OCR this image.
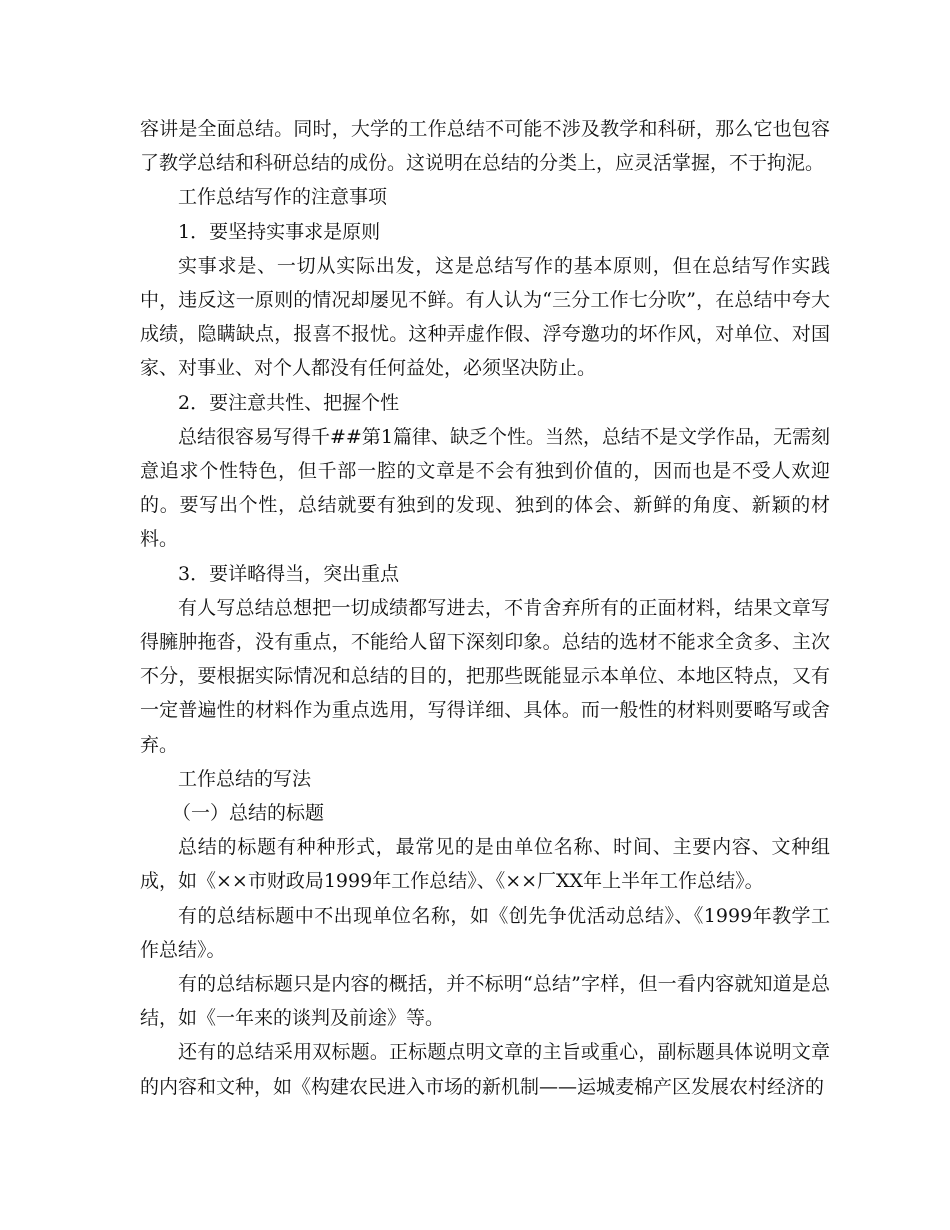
容讲是全面总结。同时，大学的工作总结不可能不涉及教学和科研，那么它也包容了教学总结和科研总结的成份。这说明在总结的分类上，应灵活掌握，不于拘泥。

工作总结写作的注意事项

1．要坚持实事求是原则

实事求是、一切从实际出发，这是总结写作的基本原则，但在总结写作实践中，违反这一原则的情况却屡见不鲜。有人认为“三分工作七分吹”，在总结中夸大成绩，隐瞒缺点，报喜不报忧。这种弄虚作假、浮夸邀功的坏作风，对单位、对国家、对事业、对个人都没有任何益处，必须坚决防止。

2．要注意共性、把握个性

总结很容易写得千##第1篇律、缺乏个性。当然，总结不是文学作品，无需刻意追求个性特色，但千部一腔的文章是不会有独到价值的，因而也是不受人欢迎的。要写出个性，总结就要有独到的发现、独到的体会、新鲜的角度、新颖的材料。

3．要详略得当，突出重点

有人写总结总想把一切成绩都写进去，不肯舍弃所有的正面材料，结果文章写得臃肿拖沓，没有重点，不能给人留下深刻印象。总结的选材不能求全贪多、主次不分，要根据实际情况和总结的目的，把那些既能显示本单位、本地区特点，又有一定普遍性的材料作为重点选用，写得详细、具体。而一般性的材料则要略写或舍弃。

工作总结的写法

（一）总结的标题

总结的标题有种种形式，最常见的是由单位名称、时间、主要内容、文种组成，如《××市财政局1999年工作总结》、《××厂XX年上半年工作总结》。

有的总结标题中不出现单位名称，如《创先争优活动总结》、《1999年教学工作总结》。

有的总结标题只是内容的概括，并不标明“总结”字样，但一看内容就知道是总结，如《一年来的谈判及前途》等。

还有的总结采用双标题。正标题点明文章的主旨或重心，副标题具体说明文章的内容和文种，如《构建农民进入市场的新机制——运城麦棉产区发展农村经济的
